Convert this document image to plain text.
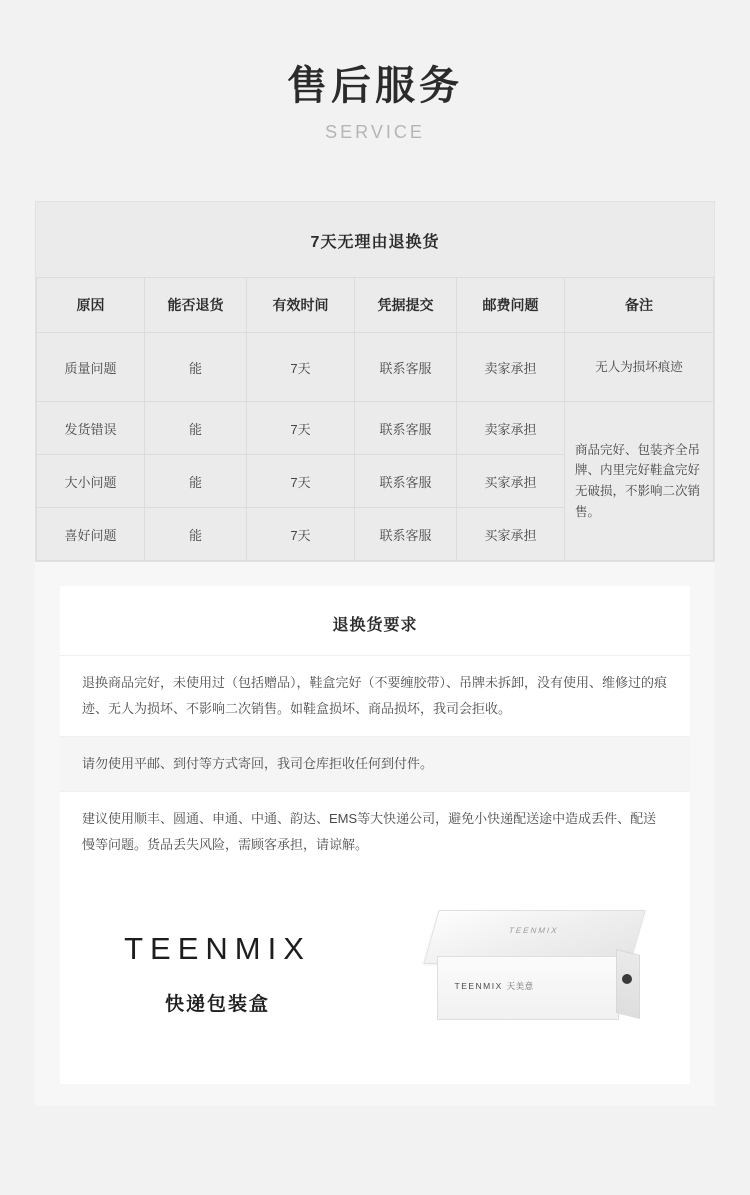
售后服务
SERVICE
7天无理由退换货
原因	能否退货	有效时间	凭据提交	邮费问题	备注
质量问题	能	7天	联系客服	卖家承担	无人为损坏痕迹
发货错误	能	7天	联系客服	卖家承担	商品完好、包装齐全吊牌、内里完好鞋盒完好无破损，不影响二次销售。
大小问题	能	7天	联系客服	买家承担	
喜好问题	能	7天	联系客服	买家承担	
退换货要求
退换商品完好，未使用过（包括赠品），鞋盒完好（不要缠胶带）、吊牌未拆卸，没有使用、维修过的痕迹、无人为损坏、不影响二次销售。如鞋盒损坏、商品损坏，我司会拒收。
请勿使用平邮、到付等方式寄回，我司仓库拒收任何到付件。
建议使用顺丰、圆通、申通、中通、韵达、EMS等大快递公司，避免小快递配送途中造成丢件、配送慢等问题。货品丢失风险，需顾客承担，请谅解。
TEENMIX
快递包装盒
TEENMIX
TEENMIX 天美意
